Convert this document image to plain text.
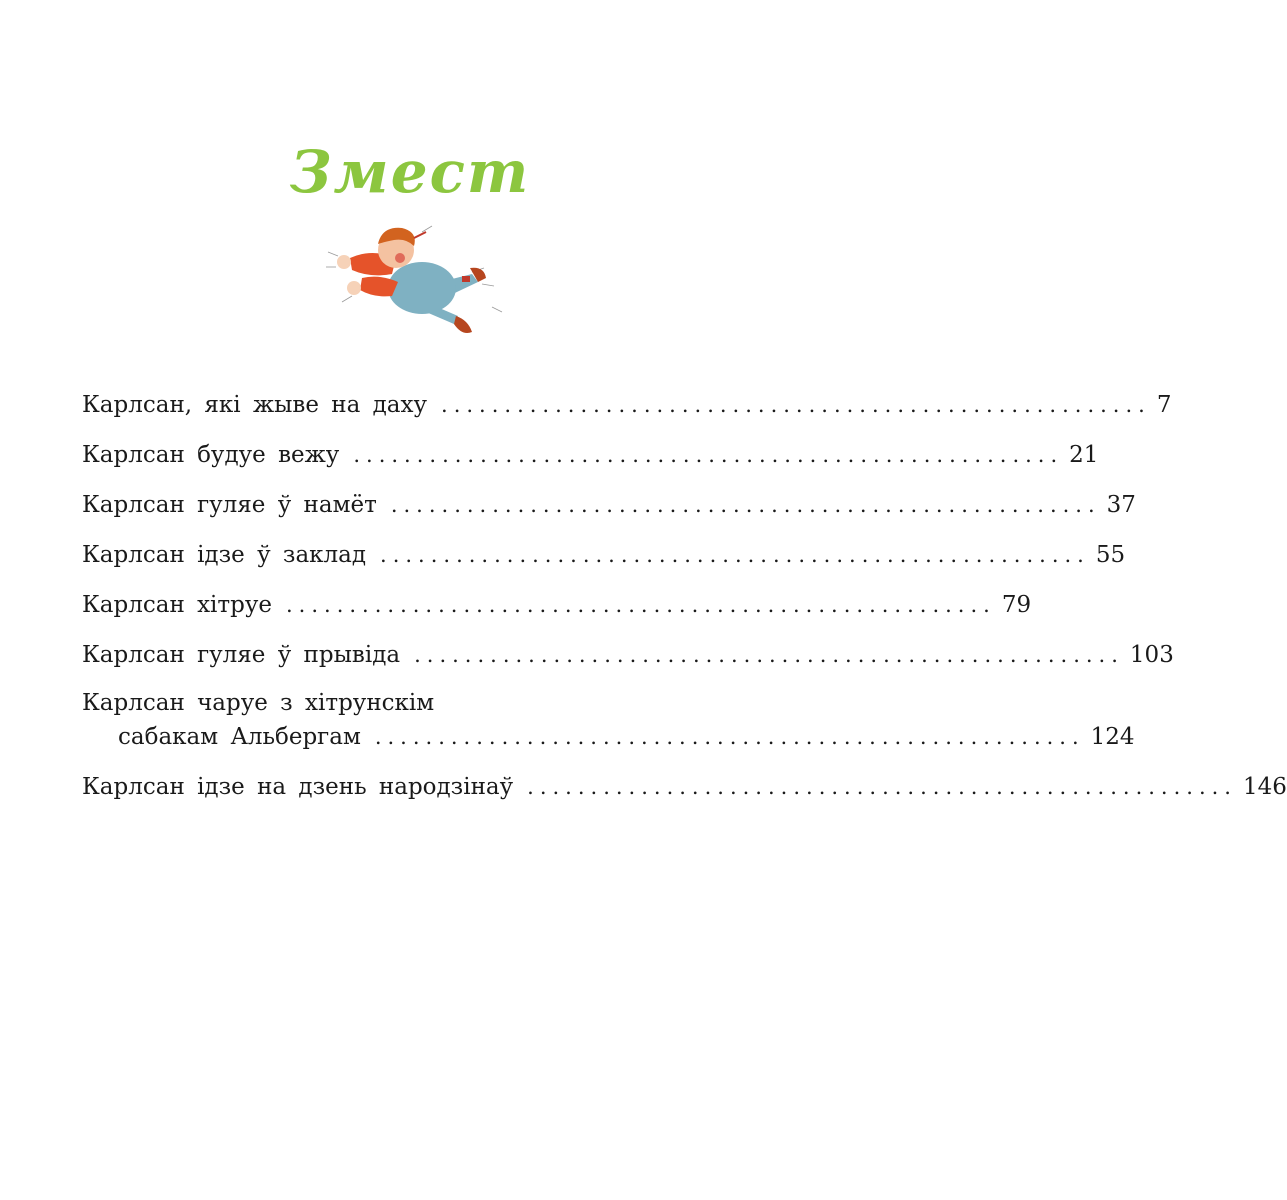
Змест
Карлсан, які жыве на даху ........................................................ 7
Карлсан будуе вежу ........................................................ 21
Карлсан гуляе ў намёт ........................................................ 37
Карлсан ідзе ў заклад ........................................................ 55
Карлсан хітруе ........................................................ 79
Карлсан гуляе ў прывіда ........................................................ 103
Карлсан чаруе з хітрунскім
сабакам Альбергам ........................................................ 124
Карлсан ідзе на дзень народзінаў ........................................................ 146
